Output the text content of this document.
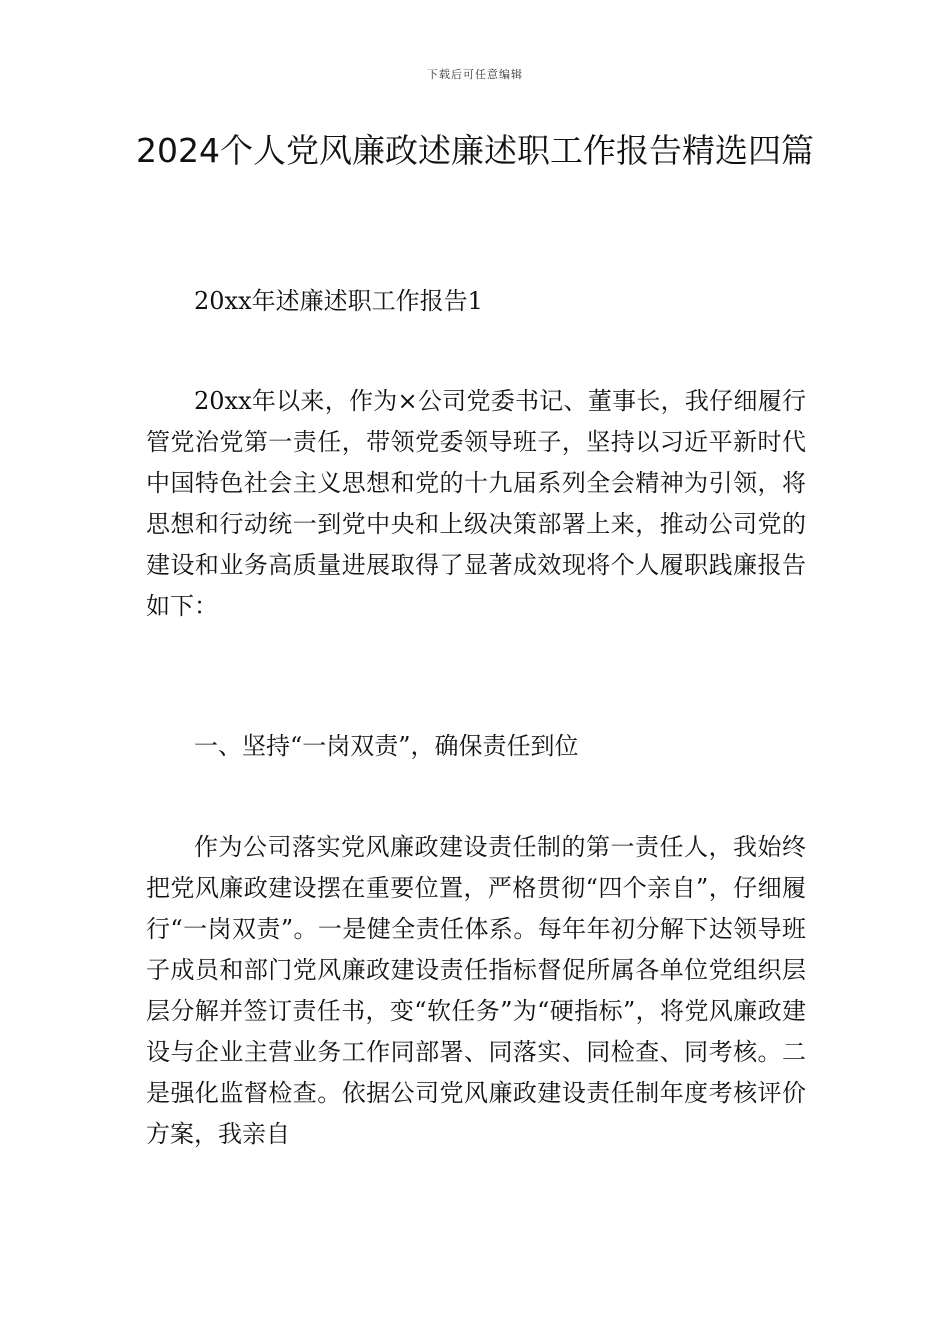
下载后可任意编辑
2024个人党风廉政述廉述职工作报告精选四篇

20xx年述廉述职工作报告1

20xx年以来，作为×公司党委书记、董事长，我仔细履行管党治党第一责任，带领党委领导班子，坚持以习近平新时代中国特色社会主义思想和党的十九届系列全会精神为引领，将思想和行动统一到党中央和上级决策部署上来，推动公司党的建设和业务高质量进展取得了显著成效现将个人履职践廉报告如下：

一、坚持“一岗双责”，确保责任到位

作为公司落实党风廉政建设责任制的第一责任人，我始终把党风廉政建设摆在重要位置，严格贯彻“四个亲自”，仔细履行“一岗双责”。一是健全责任体系。每年年初分解下达领导班子成员和部门党风廉政建设责任指标督促所属各单位党组织层层分解并签订责任书，变“软任务”为“硬指标”，将党风廉政建设与企业主营业务工作同部署、同落实、同检查、同考核。二是强化监督检查。依据公司党风廉政建设责任制年度考核评价方案，我亲自
